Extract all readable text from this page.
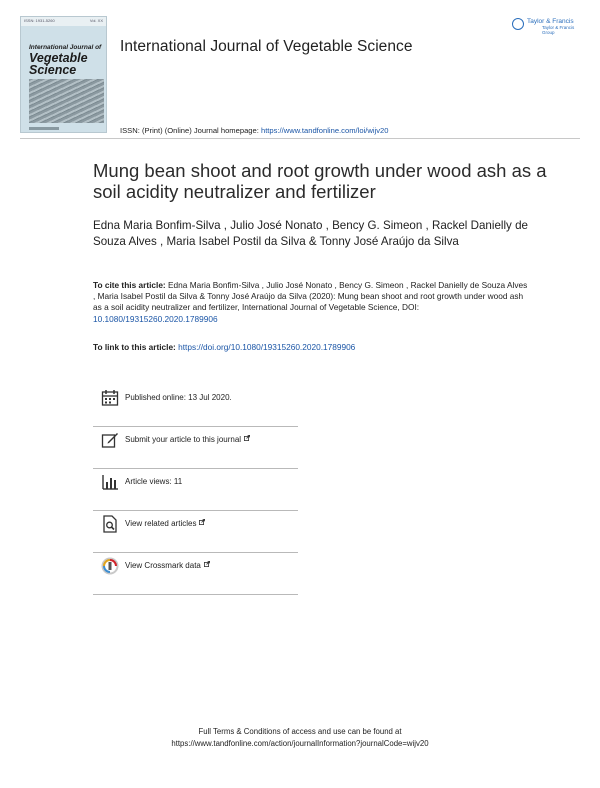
ISSN: 1931-5260	Vol. XX
International Journal of
Vegetable Science
International Journal of Vegetable Science
Taylor & Francis
Taylor & Francis Group
ISSN: (Print) (Online) Journal homepage: https://www.tandfonline.com/loi/wijv20
Mung bean shoot and root growth under wood ash as a soil acidity neutralizer and fertilizer
Edna Maria Bonfim-Silva , Julio José Nonato , Bency G. Simeon , Rackel Danielly de Souza Alves , Maria Isabel Postil da Silva & Tonny José Araújo da Silva
To cite this article: Edna Maria Bonfim-Silva , Julio José Nonato , Bency G. Simeon , Rackel Danielly de Souza Alves , Maria Isabel Postil da Silva & Tonny José Araújo da Silva (2020): Mung bean shoot and root growth under wood ash as a soil acidity neutralizer and fertilizer, International Journal of Vegetable Science, DOI: 10.1080/19315260.2020.1789906
To link to this article: https://doi.org/10.1080/19315260.2020.1789906
Published online: 13 Jul 2020.
Submit your article to this journal
Article views: 11
View related articles
View Crossmark data
Full Terms & Conditions of access and use can be found at
https://www.tandfonline.com/action/journalInformation?journalCode=wijv20
